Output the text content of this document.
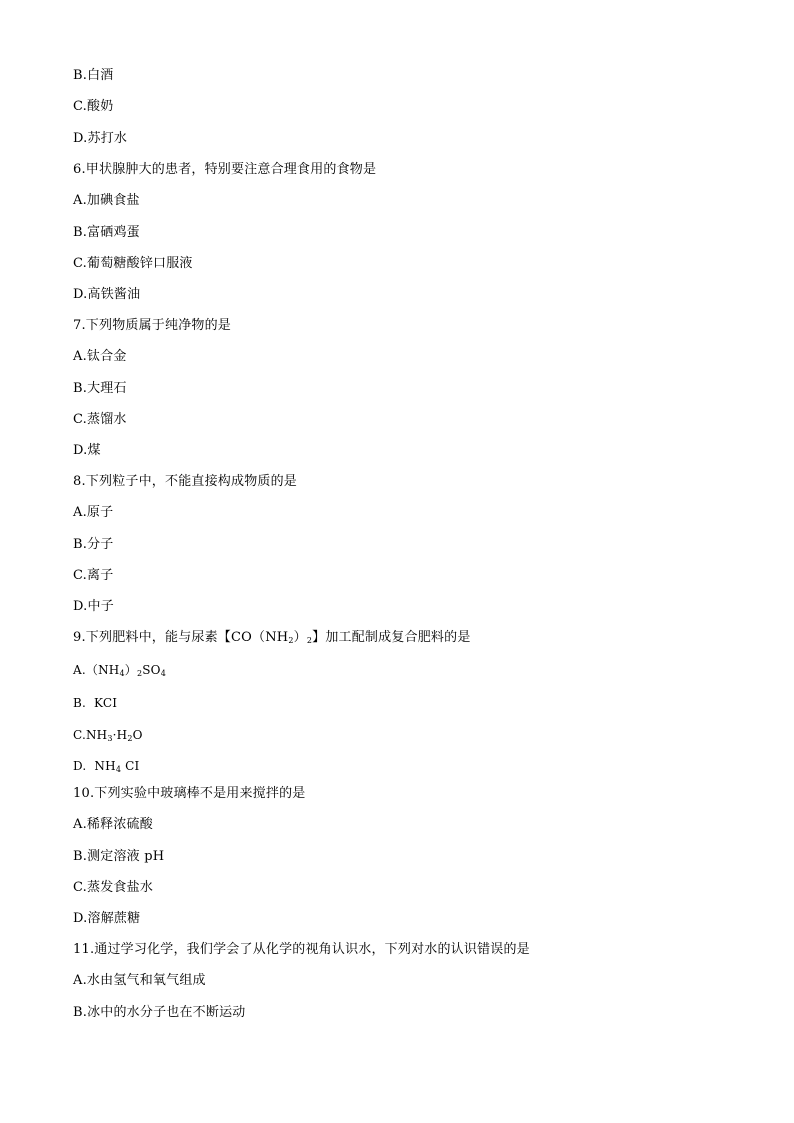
B.白酒
C.酸奶
D.苏打水
6.甲状腺肿大的患者，特别要注意合理食用的食物是
A.加碘食盐
B.富硒鸡蛋
C.葡萄糖酸锌口服液
D.高铁酱油
7.下列物质属于纯净物的是
A.钛合金
B.大理石
C.蒸馏水
D.煤
8.下列粒子中，不能直接构成物质的是
A.原子
B.分子
C.离子
D.中子
9.下列肥料中，能与尿素【$CO(NH_2)_2$】加工配制成复合肥料的是
$A.(NH_4)_2SO_4$
B.  KCI
$C.NH_3\cdot H_2O$
D.  $NH_4$ CI
10.下列实验中玻璃棒不是用来搅拌的是
A.稀释浓硫酸
B.测定溶液 pH
C.蒸发食盐水
D.溶解蔗糖
11.通过学习化学，我们学会了从化学的视角认识水，下列对水的认识错误的是
A.水由氢气和氧气组成
B.冰中的水分子也在不断运动
